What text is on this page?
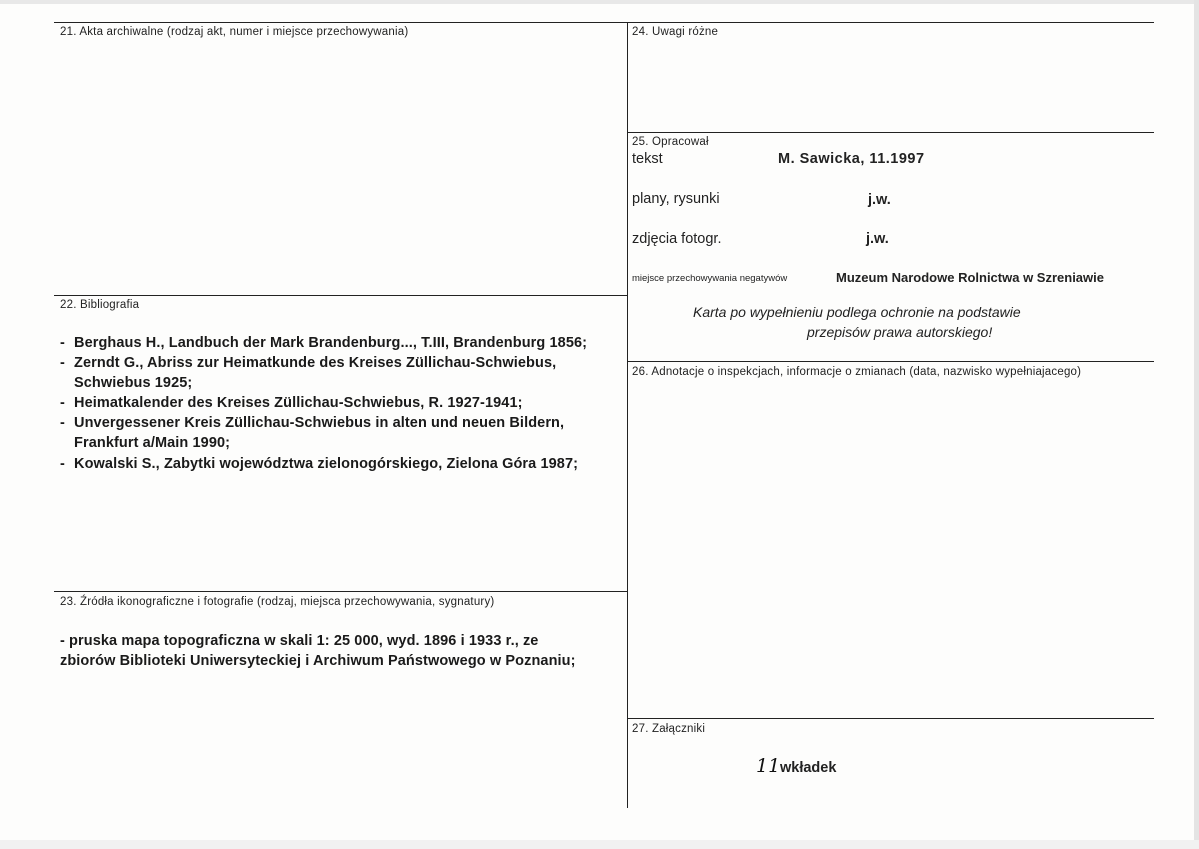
21. Akta archiwalne (rodzaj akt, numer i miejsce przechowywania)
22. Bibliografia
- Berghaus H., Landbuch der Mark Brandenburg..., T.III, Brandenburg 1856;
- Zerndt G., Abriss zur Heimatkunde des Kreises Züllichau-Schwiebus,
Schwiebus 1925;
- Heimatkalender des Kreises Züllichau-Schwiebus, R. 1927-1941;
- Unvergessener Kreis Züllichau-Schwiebus in alten und neuen Bildern,
Frankfurt a/Main 1990;
- Kowalski S., Zabytki województwa zielonogórskiego, Zielona Góra 1987;
23. Źródła ikonograficzne i fotografie (rodzaj, miejsca przechowywania, sygnatury)
- pruska mapa topograficzna w skali 1: 25 000, wyd. 1896 i 1933 r., ze
zbiorów Biblioteki Uniwersyteckiej i Archiwum Państwowego w Poznaniu;
24. Uwagi różne
25. Opracował
tekst	M. Sawicka, 11.1997
plany, rysunki	j.w.
zdjęcia fotogr.	j.w.
miejsce przechowywania negatywów	Muzeum Narodowe Rolnictwa w Szreniawie
Karta po wypełnieniu podlega ochronie na podstawie
przepisów prawa autorskiego!
26. Adnotacje o inspekcjach, informacje o zmianach (data, nazwisko wypełniajacego)
27. Załączniki
11 wkładek
